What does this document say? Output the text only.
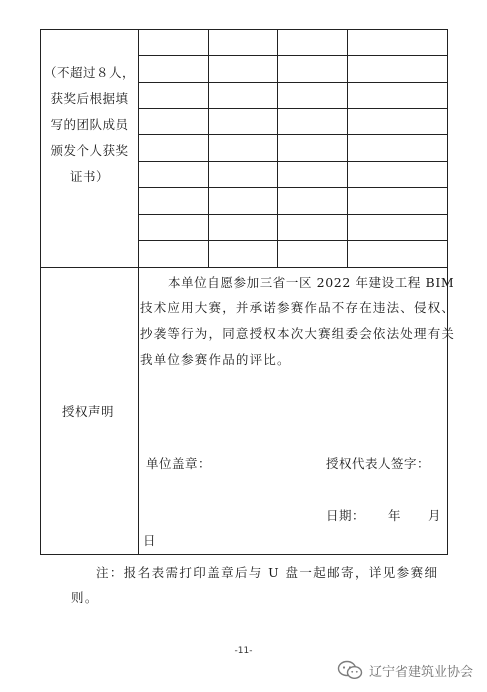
（不超过８人，
获奖后根据填
写的团队成员
颁发个人获奖
证书）
授权声明
本单位自愿参加三省一区 2022 年建设工程 BIM
技术应用大赛，并承诺参赛作品不存在违法、侵权、
抄袭等行为，同意授权本次大赛组委会依法处理有关
我单位参赛作品的评比。
单位盖章：	授权代表人签字：
日期： 年 月
日
注：报名表需打印盖章后与 U 盘一起邮寄，详见参赛细
则。
-11-
辽宁省建筑业协会
